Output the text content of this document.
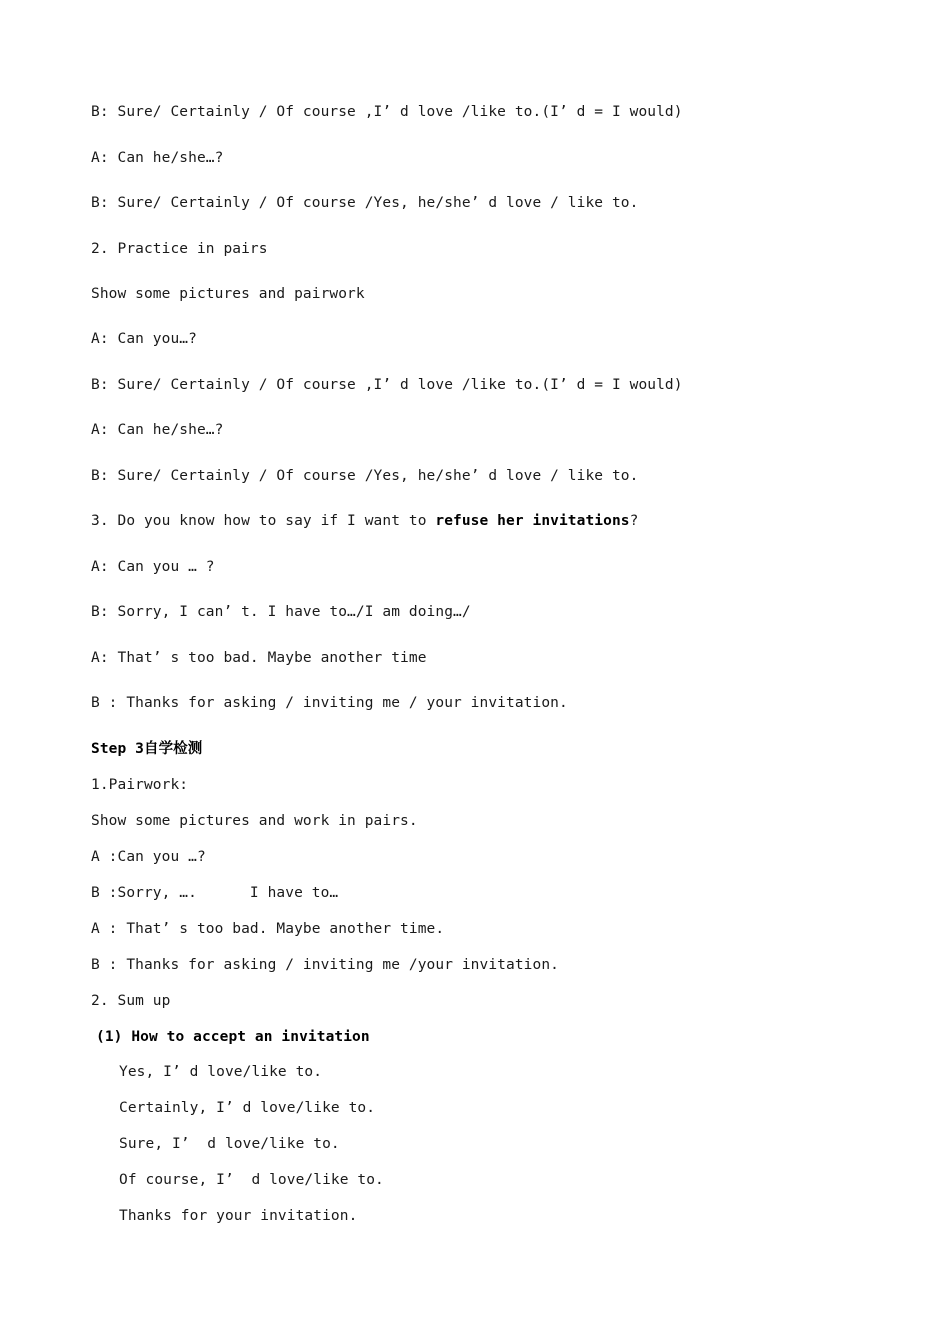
B: Sure/ Certainly / Of course ,I’ d love /like to.(I’ d = I would)
A: Can he/she…?
B: Sure/ Certainly / Of course /Yes, he/she’ d love / like to.
2. Practice in pairs
Show some pictures and pairwork
A: Can you…?
B: Sure/ Certainly / Of course ,I’ d love /like to.(I’ d = I would)
A: Can he/she…?
B: Sure/ Certainly / Of course /Yes, he/she’ d love / like to.
3. Do you know how to say if I want to refuse her invitations?
A: Can you … ?
B: Sorry, I can’ t. I have to…/I am doing…/
A: That’ s too bad. Maybe another time
B : Thanks for asking / inviting me / your invitation.
Step 3自学检测
1.Pairwork:
Show some pictures and work in pairs.
A :Can you …?
B :Sorry, ….      I have to…
A : That’ s too bad. Maybe another time.
B : Thanks for asking / inviting me /your invitation.
2. Sum up
(1) How to accept an invitation
Yes, I’ d love/like to.
Certainly, I’ d love/like to.
Sure, I’  d love/like to.
Of course, I’  d love/like to.
Thanks for your invitation.
